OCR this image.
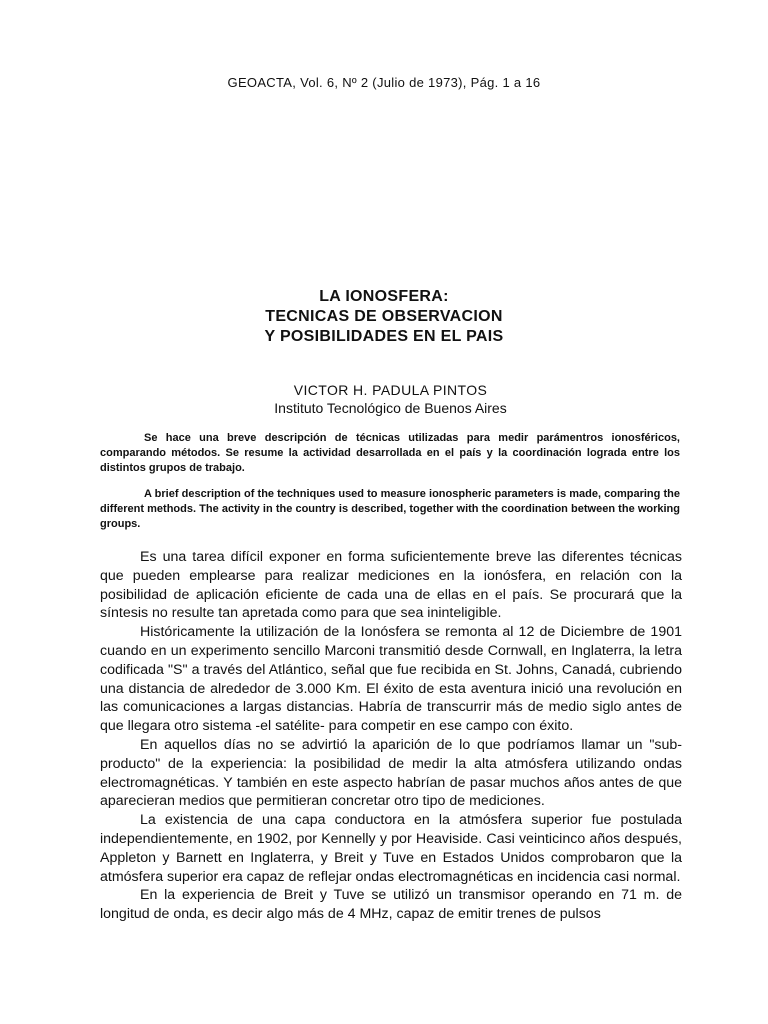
GEOACTA, Vol. 6, Nº 2 (Julio de 1973), Pág. 1 a 16
LA IONOSFERA:
TECNICAS DE OBSERVACION
Y POSIBILIDADES EN EL PAIS
VICTOR H. PADULA PINTOS
Instituto Tecnológico de Buenos Aires
Se hace una breve descripción de técnicas utilizadas para medir parámentros ionosféricos, comparando métodos. Se resume la actividad desarrollada en el país y la coordinación lograda entre los distintos grupos de trabajo.
A brief description of the techniques used to measure ionospheric parameters is made, comparing the different methods. The activity in the country is described, together with the coordination between the working groups.

Es una tarea difícil exponer en forma suficientemente breve las diferentes técnicas que pueden emplearse para realizar mediciones en la ionósfera, en relación con la posibilidad de aplicación eficiente de cada una de ellas en el país. Se procurará que la síntesis no resulte tan apretada como para que sea ininteligible.

Históricamente la utilización de la Ionósfera se remonta al 12 de Diciembre de 1901 cuando en un experimento sencillo Marconi transmitió desde Cornwall, en Inglaterra, la letra codificada "S" a través del Atlántico, señal que fue recibida en St. Johns, Canadá, cubriendo una distancia de alrededor de 3.000 Km. El éxito de esta aventura inició una revolución en las comunicaciones a largas distancias. Habría de transcurrir más de medio siglo antes de que llegara otro sistema -el satélite- para competir en ese campo con éxito.

En aquellos días no se advirtió la aparición de lo que podríamos llamar un "sub-producto" de la experiencia: la posibilidad de medir la alta atmósfera utilizando ondas electromagnéticas. Y también en este aspecto habrían de pasar muchos años antes de que aparecieran medios que permitieran concretar otro tipo de mediciones.

La existencia de una capa conductora en la atmósfera superior fue postulada independientemente, en 1902, por Kennelly y por Heaviside. Casi veinticinco años después, Appleton y Barnett en Inglaterra, y Breit y Tuve en Estados Unidos comprobaron que la atmósfera superior era capaz de reflejar ondas electromagnéticas en incidencia casi normal.

En la experiencia de Breit y Tuve se utilizó un transmisor operando en 71 m. de longitud de onda, es decir algo más de 4 MHz, capaz de emitir trenes de pulsos
